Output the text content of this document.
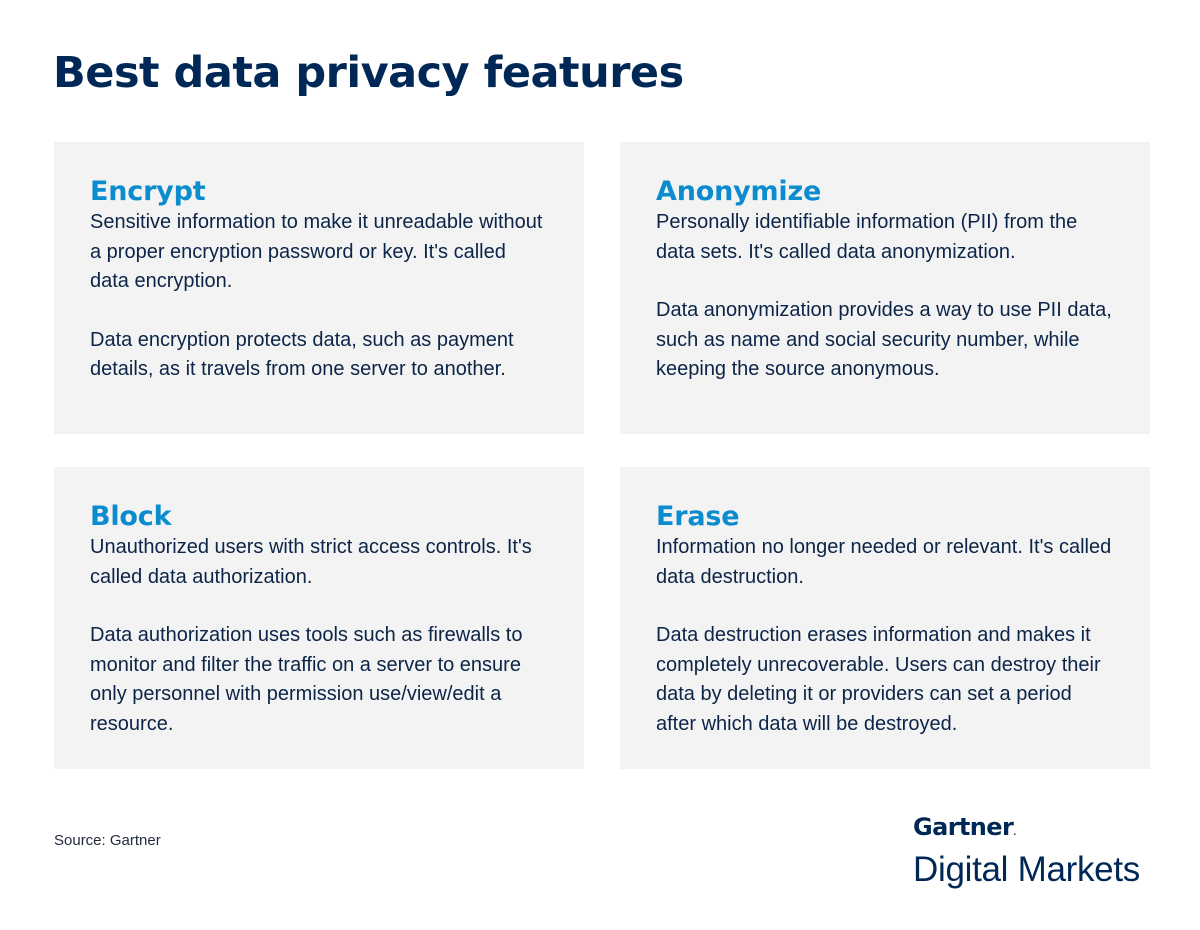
Best data privacy features
Encrypt

Sensitive information to make it unreadable without a proper encryption password or key. It's called data encryption.

Data encryption protects data, such as payment details, as it travels from one server to another.

Anonymize

Personally identifiable information (PII) from the data sets. It's called data anonymization.

Data anonymization provides a way to use PII data, such as name and social security number, while keeping the source anonymous.

Block

Unauthorized users with strict access controls. It's called data authorization.

Data authorization uses tools such as firewalls to monitor and filter the traffic on a server to ensure only personnel with permission use/view/edit a resource.

Erase

Information no longer needed or relevant. It's called data destruction.

Data destruction erases information and makes it completely unrecoverable. Users can destroy their data by deleting it or providers can set a period after which data will be destroyed.

Source: Gartner	Gartner.
Digital Markets
